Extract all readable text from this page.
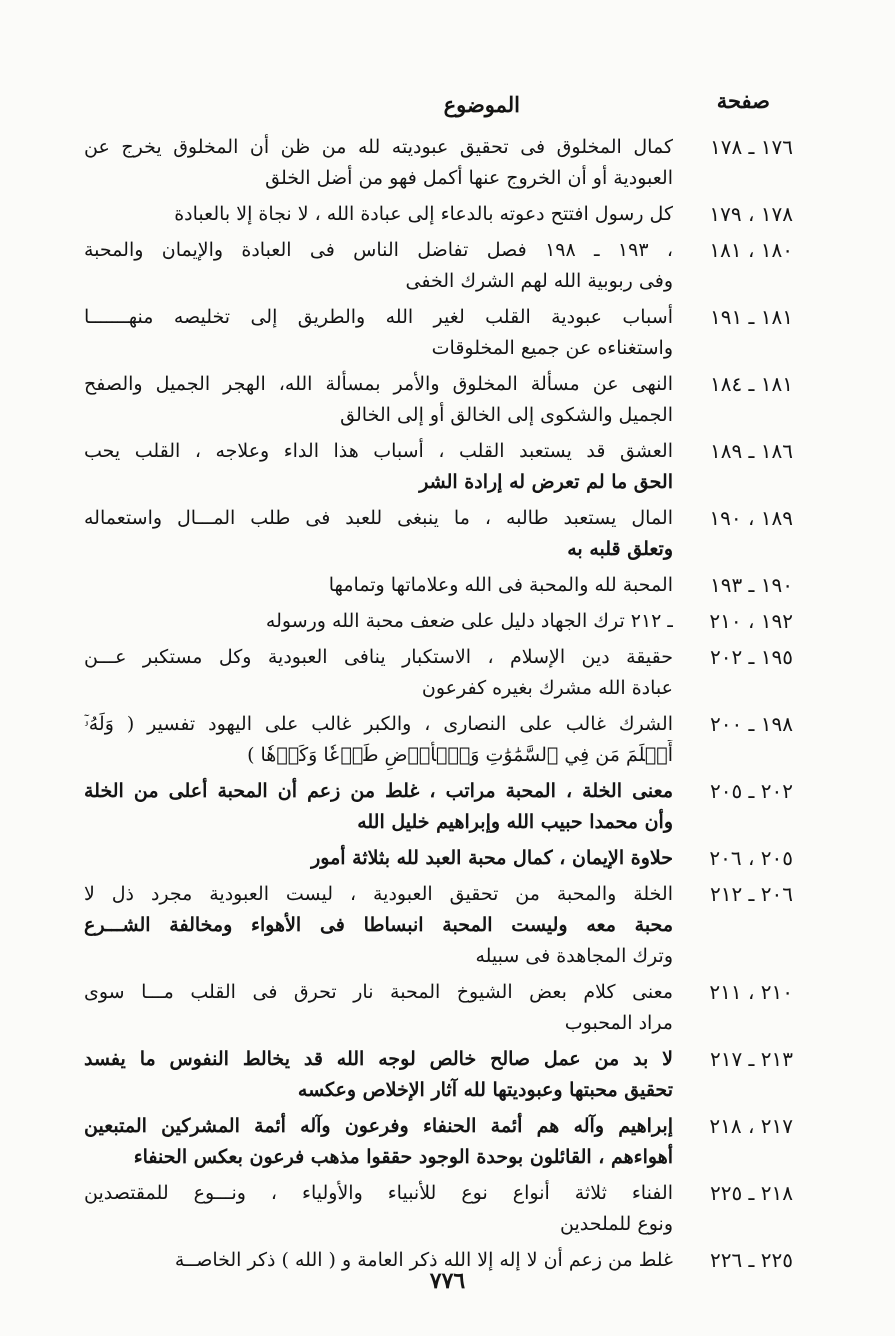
صفحة
الموضوع
١٧٦ ـ ١٧٨
كمال المخلوق فى تحقيق عبوديته لله من ظن أن المخلوق يخرج عن
العبودية أو أن الخروج عنها أكمل فهو من أضل الخلق
١٧٨ ، ١٧٩
كل رسول افتتح دعوته بالدعاء إلى عبادة الله ، لا نجاة إلا بالعبادة
١٨٠ ، ١٨١
، ١٩٣ ـ ١٩٨ فصل تفاضل الناس فى العبادة والإيمان والمحبة
وفى ربوبية الله لهم الشرك الخفى
١٨١ ـ ١٩١
أسباب عبودية القلب لغير الله والطريق إلى تخليصه منهـــــــا
واستغناءه عن جميع المخلوقات
١٨١ ـ ١٨٤
النهى عن مسألة المخلوق والأمر بمسألة الله، الهجر الجميل والصفح
الجميل والشكوى إلى الخالق أو إلى الخالق
١٨٦ ـ ١٨٩
العشق قد يستعبد القلب ، أسباب هذا الداء وعلاجه ، القلب يحب
الحق ما لم تعرض له إرادة الشر
١٨٩ ، ١٩٠
المال يستعبد طالبه ، ما ينبغى للعبد فى طلب المـــال واستعماله
وتعلق قلبه به
١٩٠ ـ ١٩٣
المحبة لله والمحبة فى الله وعلاماتها وتمامها
١٩٢ ، ٢١٠
ـ ٢١٢ ترك الجهاد دليل على ضعف محبة الله ورسوله
١٩٥ ـ ٢٠٢
حقيقة دين الإسلام ، الاستكبار ينافى العبودية وكل مستكبر عـــن
عبادة الله مشرك بغيره كفرعون
١٩٨ ـ ٢٠٠
الشرك غالب على النصارى ، والكبر غالب على اليهود تفسير ( وَلَهُۥٓ
أَسۡلَمَ مَن فِي ٱلسَّمَٰوَٰتِ وَٱلۡأَرۡضِ طَوۡعٗا وَكَرۡهٗا )
٢٠٢ ـ ٢٠٥
معنى الخلة ، المحبة مراتب ، غلط من زعم أن المحبة أعلى من الخلة
وأن محمدا حبيب الله وإبراهيم خليل الله
٢٠٥ ، ٢٠٦
حلاوة الإيمان ، كمال محبة العبد لله بثلاثة أمور
٢٠٦ ـ ٢١٢
الخلة والمحبة من تحقيق العبودية ، ليست العبودية مجرد ذل لا
محبة معه وليست المحبة انبساطا فى الأهواء ومخالفة الشـــرع
وترك المجاهدة فى سبيله
٢١٠ ، ٢١١
معنى كلام بعض الشيوخ المحبة نار تحرق فى القلب مـــا سوى
مراد المحبوب
٢١٣ ـ ٢١٧
لا بد من عمل صالح خالص لوجه الله قد يخالط النفوس ما يفسد
تحقيق محبتها وعبوديتها لله آثار الإخلاص وعكسه
٢١٧ ، ٢١٨
إبراهيم وآله هم أئمة الحنفاء وفرعون وآله أئمة المشركين المتبعين
أهواءهم ، القائلون بوحدة الوجود حققوا مذهب فرعون بعكس الحنفاء
٢١٨ ـ ٢٢٥
الفناء ثلاثة أنواع نوع للأنبياء والأولياء ، ونـــوع للمقتصدين
ونوع للملحدين
٢٢٥ ـ ٢٢٦
غلط من زعم أن لا إله إلا الله ذكر العامة و ( الله ) ذكر الخاصــة
٧٧٦
